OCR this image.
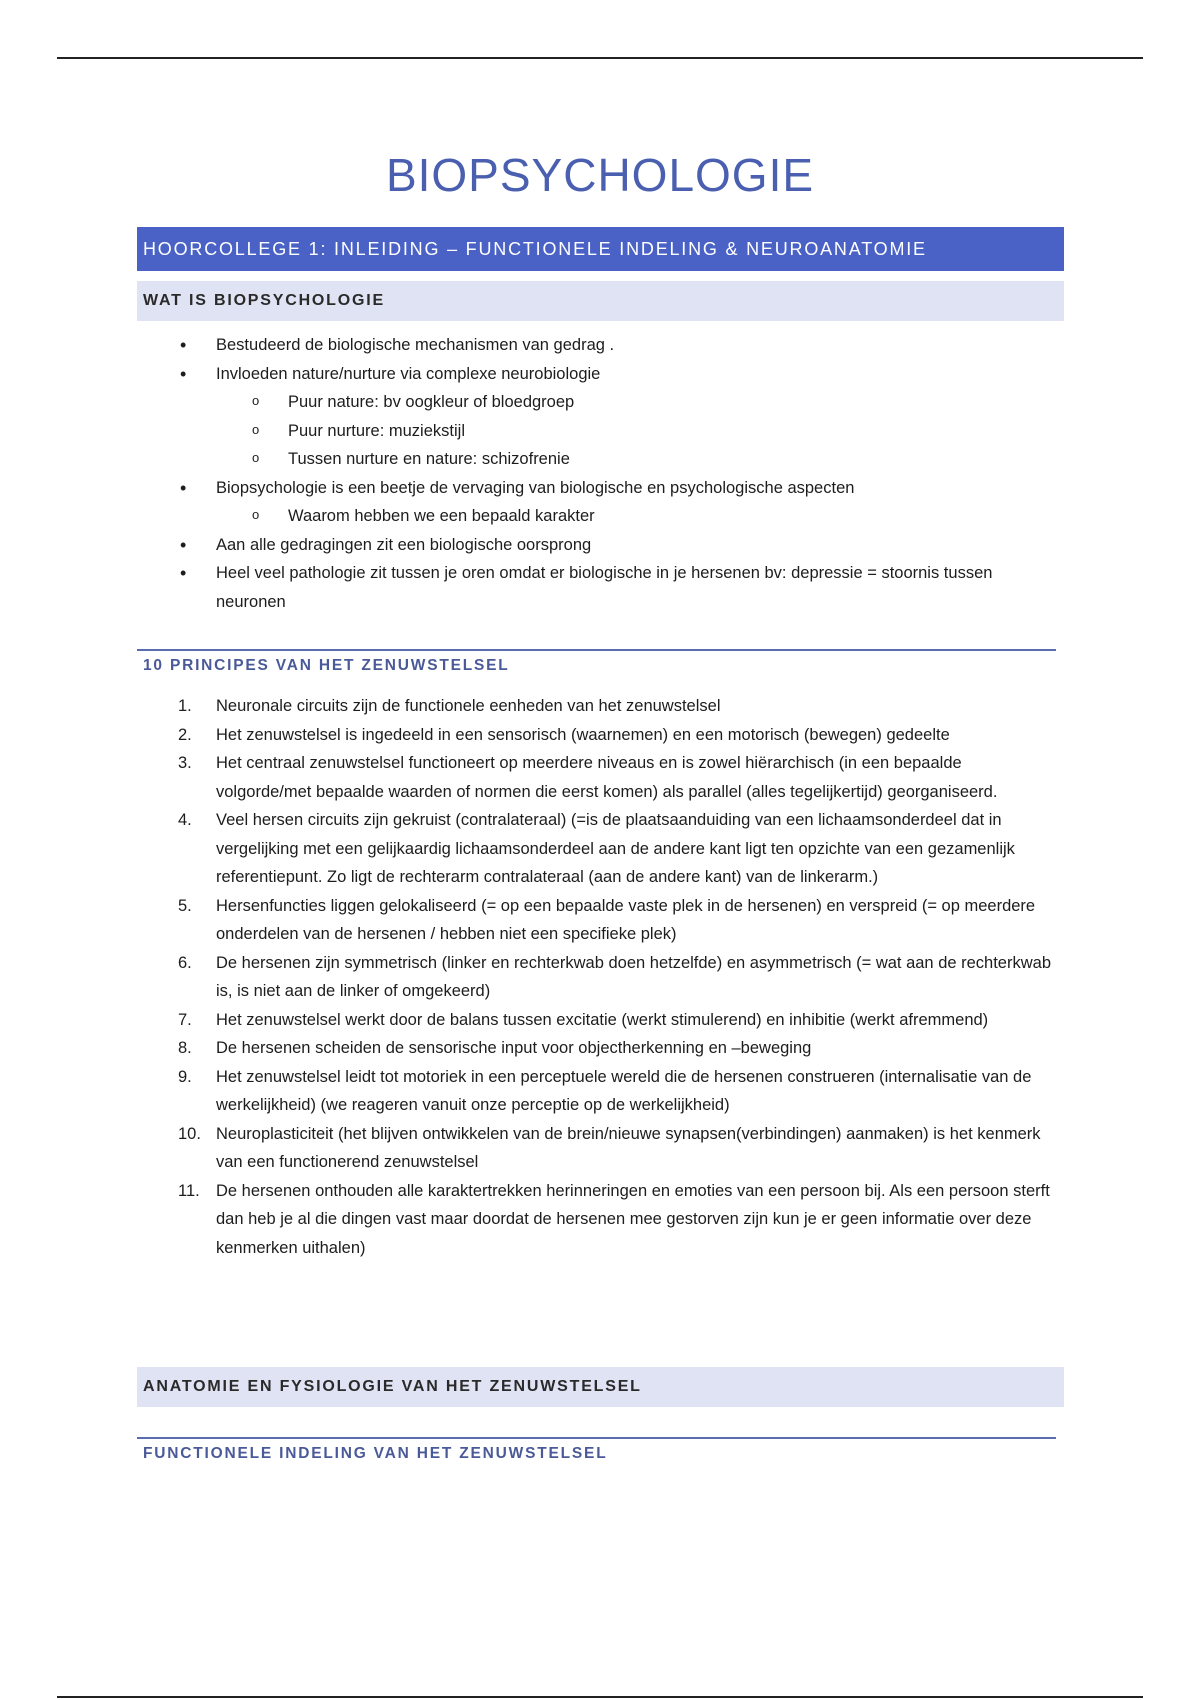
BIOPSYCHOLOGIE
HOORCOLLEGE 1: INLEIDING – FUNCTIONELE INDELING & NEUROANATOMIE
WAT IS BIOPSYCHOLOGIE
• Bestudeerd de biologische mechanismen van gedrag .
• Invloeden nature/nurture via complexe neurobiologie
o Puur nature: bv oogkleur of bloedgroep
o Puur nurture: muziekstijl
o Tussen nurture en nature: schizofrenie
• Biopsychologie is een beetje de vervaging van biologische en psychologische aspecten
o Waarom hebben we een bepaald karakter
• Aan alle gedragingen zit een biologische oorsprong
• Heel veel pathologie zit tussen je oren omdat er biologische in je hersenen bv: depressie = stoornis tussen neuronen
10 PRINCIPES VAN HET ZENUWSTELSEL
1. Neuronale circuits zijn de functionele eenheden van het zenuwstelsel
2. Het zenuwstelsel is ingedeeld in een sensorisch (waarnemen) en een motorisch (bewegen) gedeelte
3. Het centraal zenuwstelsel functioneert op meerdere niveaus en is zowel hiërarchisch (in een bepaalde volgorde/met bepaalde waarden of normen die eerst komen) als parallel (alles tegelijkertijd) georganiseerd.
4. Veel hersen circuits zijn gekruist (contralateraal) (=is de plaatsaanduiding van een lichaamsonderdeel dat in vergelijking met een gelijkaardig lichaamsonderdeel aan de andere kant ligt ten opzichte van een gezamenlijk referentiepunt. Zo ligt de rechterarm contralateraal (aan de andere kant) van de linkerarm.)
5. Hersenfuncties liggen gelokaliseerd (= op een bepaalde vaste plek in de hersenen) en verspreid (= op meerdere onderdelen van de hersenen / hebben niet een specifieke plek)
6. De hersenen zijn symmetrisch (linker en rechterkwab doen hetzelfde) en asymmetrisch (= wat aan de rechterkwab is, is niet aan de linker of omgekeerd)
7. Het zenuwstelsel werkt door de balans tussen excitatie (werkt stimulerend) en inhibitie (werkt afremmend)
8. De hersenen scheiden de sensorische input voor objectherkenning en –beweging
9. Het zenuwstelsel leidt tot motoriek in een perceptuele wereld die de hersenen construeren (internalisatie van de werkelijkheid) (we reageren vanuit onze perceptie op de werkelijkheid)
10. Neuroplasticiteit (het blijven ontwikkelen van de brein/nieuwe synapsen(verbindingen) aanmaken) is het kenmerk van een functionerend zenuwstelsel
11. De hersenen onthouden alle karaktertrekken herinneringen en emoties van een persoon bij. Als een persoon sterft dan heb je al die dingen vast maar doordat de hersenen mee gestorven zijn kun je er geen informatie over deze kenmerken uithalen)
ANATOMIE EN FYSIOLOGIE VAN HET ZENUWSTELSEL
FUNCTIONELE INDELING VAN HET ZENUWSTELSEL
